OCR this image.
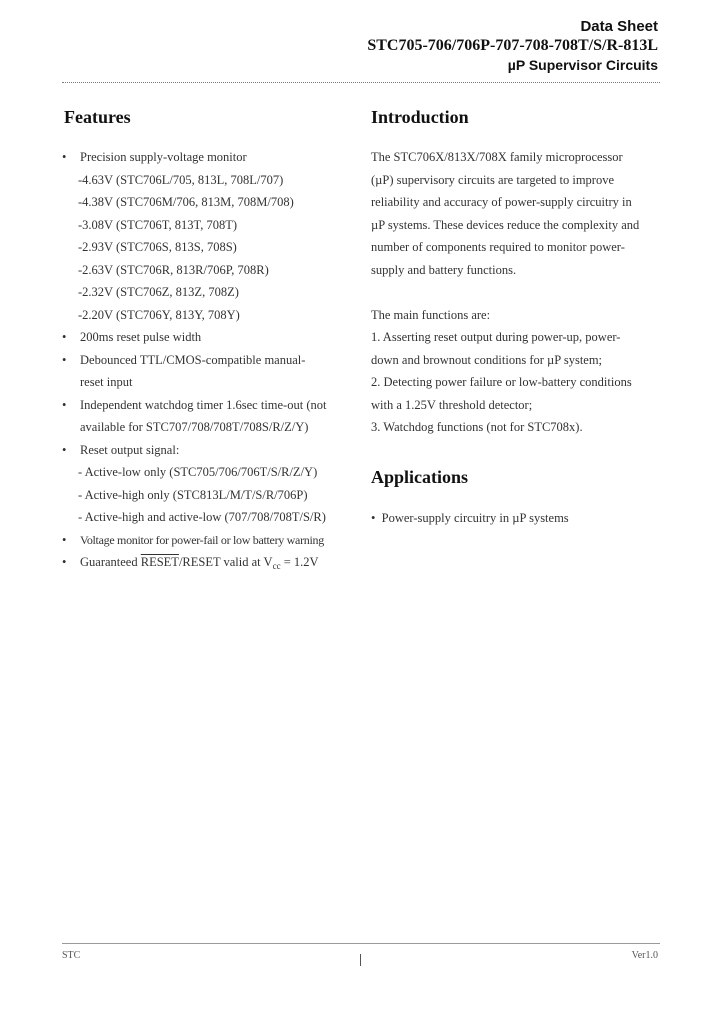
Data Sheet
STC705-706/706P-707-708-708T/S/R-813L
µP Supervisor Circuits
Features	Introduction
• Precision supply-voltage monitor
-4.63V (STC706L/705, 813L, 708L/707)
-4.38V (STC706M/706, 813M, 708M/708)
-3.08V (STC706T, 813T, 708T)
-2.93V (STC706S, 813S, 708S)
-2.63V (STC706R, 813R/706P, 708R)
-2.32V (STC706Z, 813Z, 708Z)
-2.20V (STC706Y, 813Y, 708Y)
• 200ms reset pulse width
• Debounced TTL/CMOS-compatible manual-
reset input
• Independent watchdog timer 1.6sec time-out (not
available for STC707/708/708T/708S/R/Z/Y)
• Reset output signal:
- Active-low only (STC705/706/706T/S/R/Z/Y)
- Active-high only (STC813L/M/T/S/R/706P)
- Active-high and active-low (707/708/708T/S/R)
• Voltage monitor for power-fail or low battery warning
• Guaranteed RESET/RESET valid at $V_{cc} = 1.2V$
The STC706X/813X/708X family microprocessor
(µP) supervisory circuits are targeted to improve
reliability and accuracy of power-supply circuitry in
µP systems. These devices reduce the complexity and
number of components required to monitor power-
supply and battery functions.
The main functions are:
1. Asserting reset output during power-up, power-
down and brownout conditions for µP system;
2. Detecting power failure or low-battery conditions
with a 1.25V threshold detector;
3. Watchdog functions (not for STC708x).
Applications
• Power-supply circuitry in µP systems
STC	Ver1.0
